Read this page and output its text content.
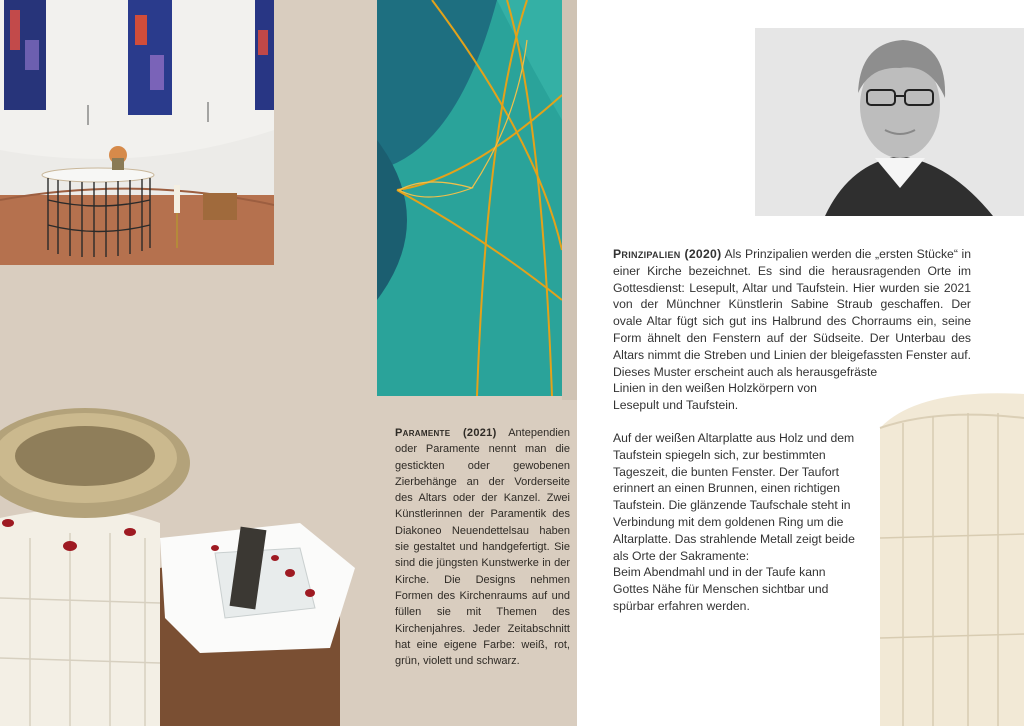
Paramente (2021) Antependien oder Paramente nennt man die gestickten oder gewobenen Zierbehänge an der Vorderseite des Altars oder der Kanzel. Zwei Künstlerinnen der Paramentik des Diakoneo Neuendettelsau haben sie gestaltet und handgefertigt. Sie sind die jüngsten Kunstwerke in der Kirche. Die Designs nehmen Formen des Kirchenraums auf und füllen sie mit Themen des Kirchenjahres. Jeder Zeitabschnitt hat eine eigene Farbe: weiß, rot, grün, violett und schwarz.

Prinzipalien (2020) Als Prinzipalien werden die „ersten Stücke“ in einer Kirche bezeichnet. Es sind die herausragenden Orte im Gottesdienst: Lesepult, Altar und Taufstein. Hier wurden sie 2021 von der Münchner Künstlerin Sabine Straub geschaffen. Der ovale Altar fügt sich gut ins Halbrund des Chorraums ein, seine Form ähnelt den Fenstern auf der Südseite. Der Unterbau des Altars nimmt die Streben und Linien der bleigefassten Fenster auf. Dieses Muster erscheint auch als herausgefräste

Linien in den weißen Holzkörpern von Lesepult und Taufstein.

Auf der weißen Altarplatte aus Holz und dem Taufstein spiegeln sich, zur bestimmten Tageszeit, die bunten Fenster. Der Taufort erinnert an einen Brunnen, einen richtigen Taufstein. Die glänzende Taufschale steht in Verbindung mit dem goldenen Ring um die Altarplatte. Das strahlende Metall zeigt beide als Orte der Sakramente:

Beim Abendmahl und in der Taufe kann Gottes Nähe für Menschen sichtbar und spürbar erfahren werden.
